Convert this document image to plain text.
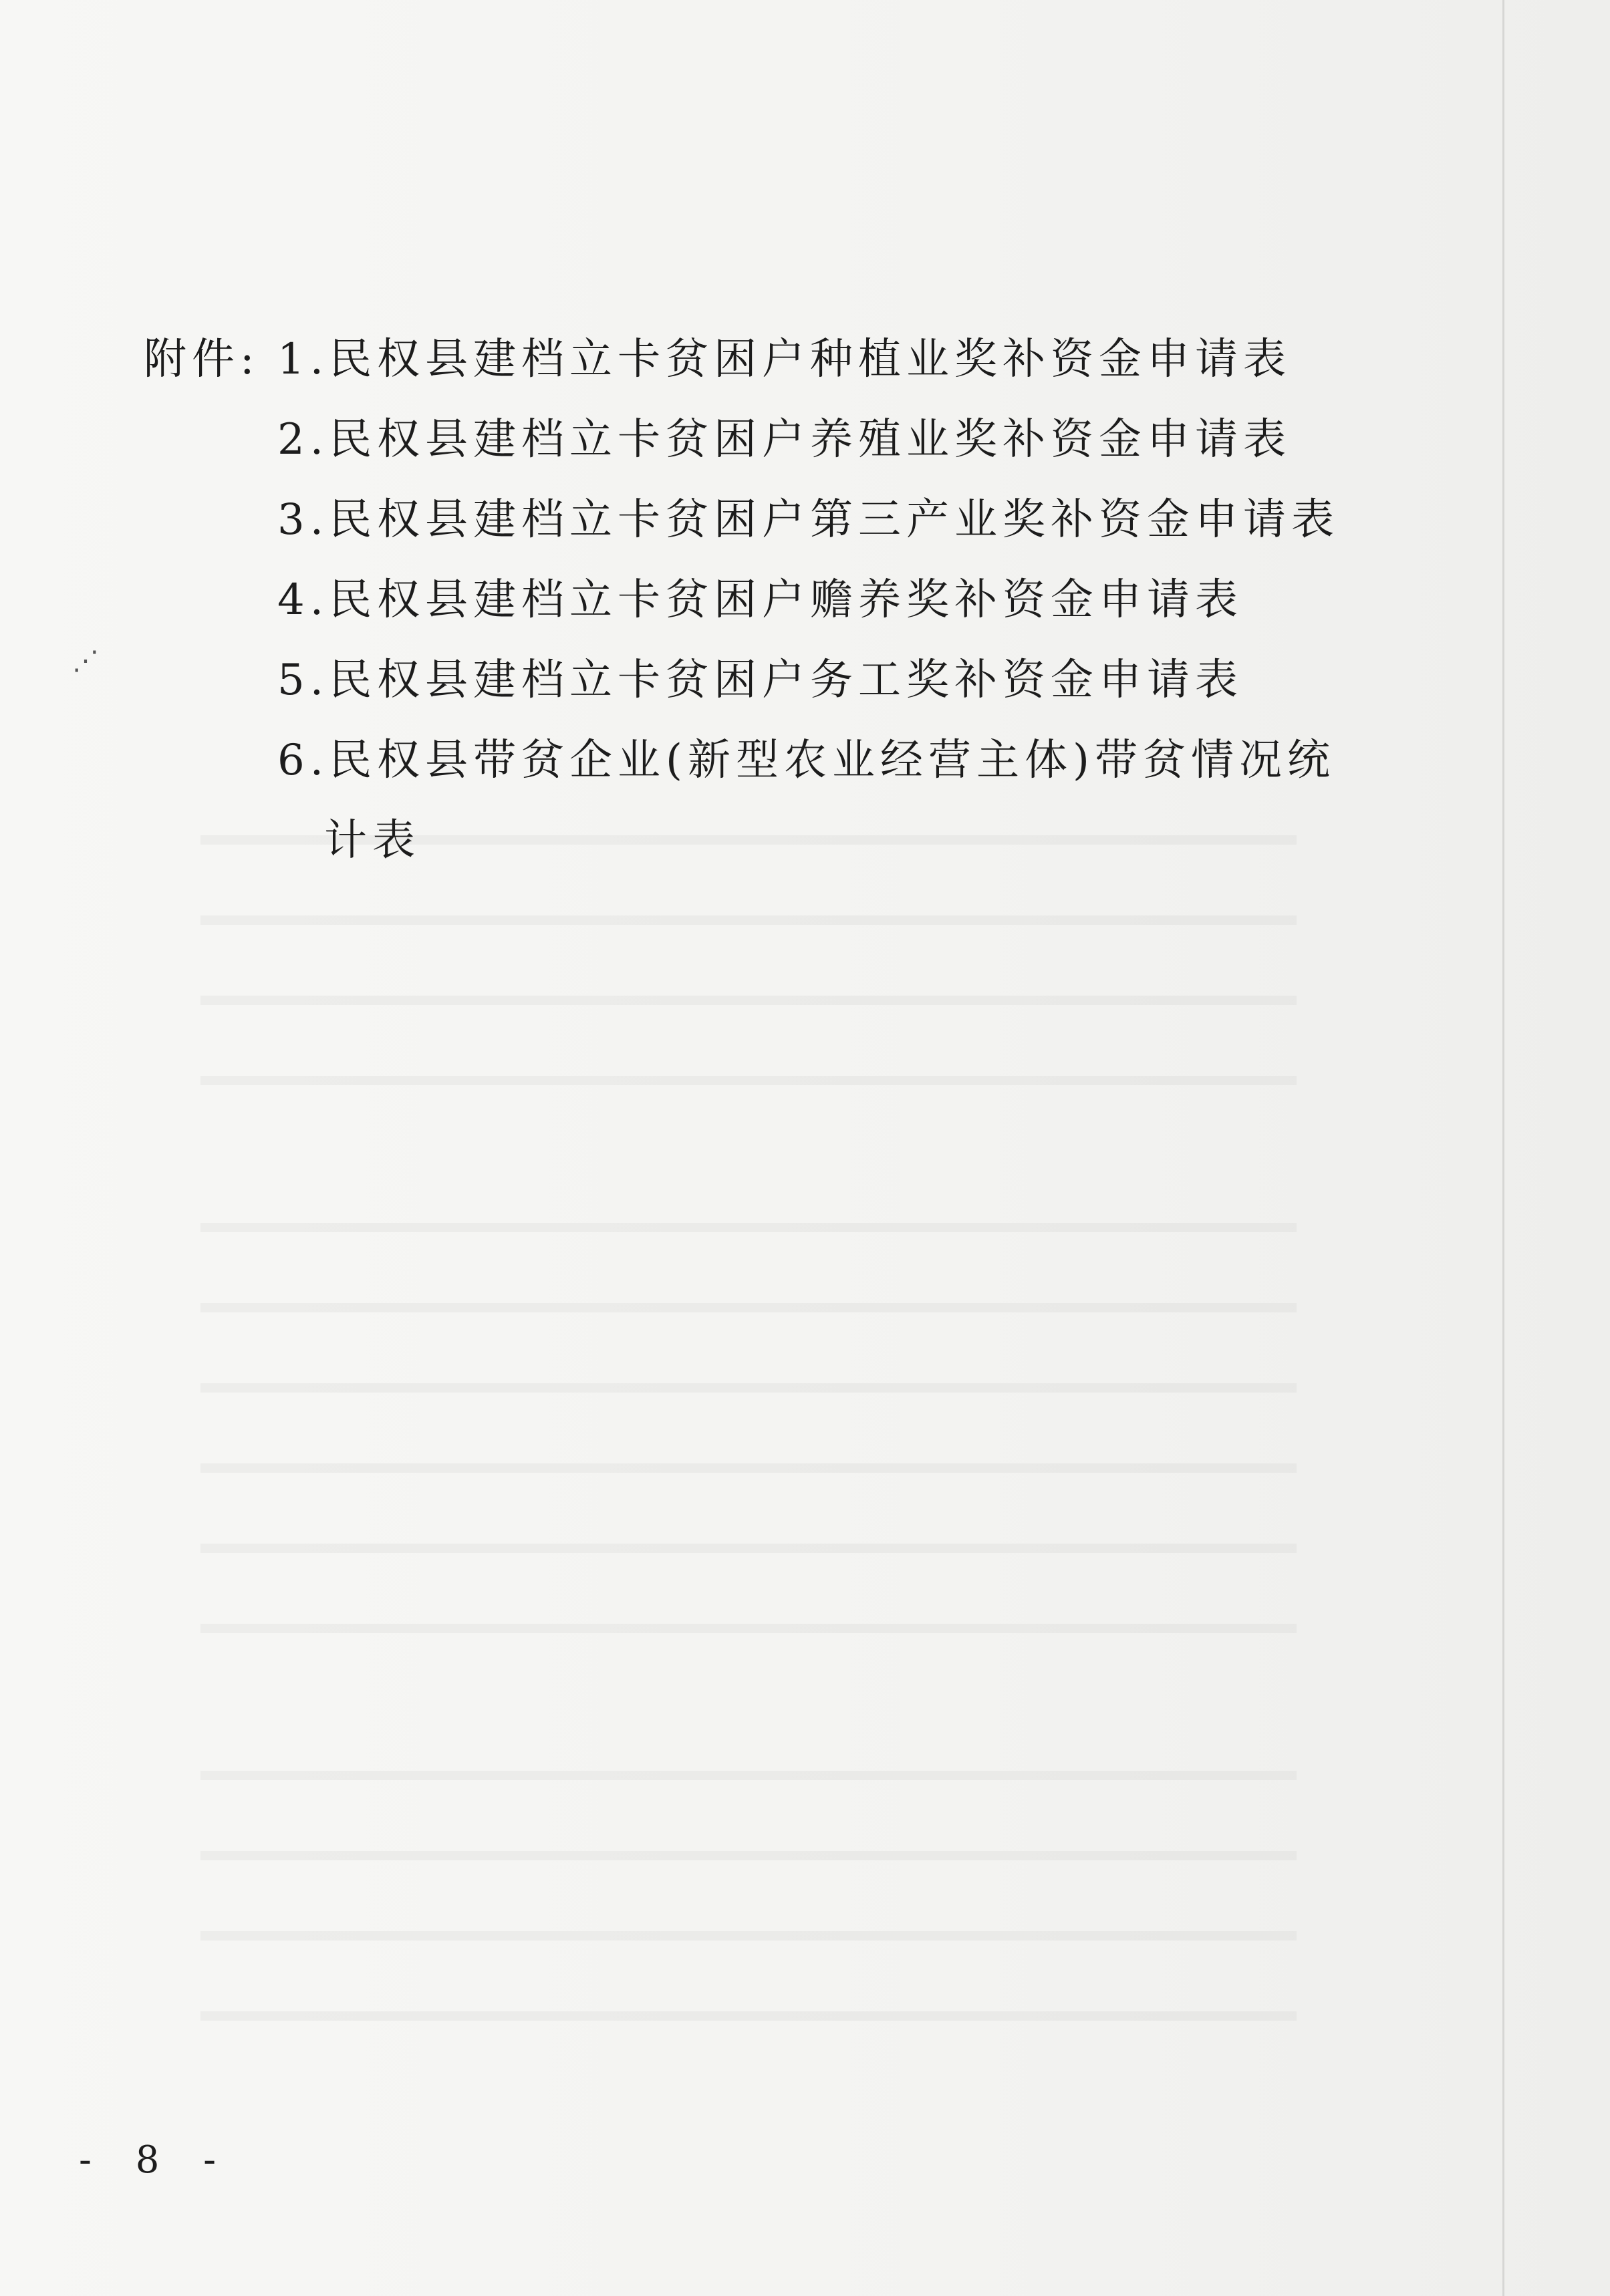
附件: 1.民权县建档立卡贫困户种植业奖补资金申请表
2.民权县建档立卡贫困户养殖业奖补资金申请表
3.民权县建档立卡贫困户第三产业奖补资金申请表
4.民权县建档立卡贫困户赡养奖补资金申请表
5.民权县建档立卡贫困户务工奖补资金申请表
6.民权县带贫企业(新型农业经营主体)带贫情况统
计表
⋰
- 8 -
